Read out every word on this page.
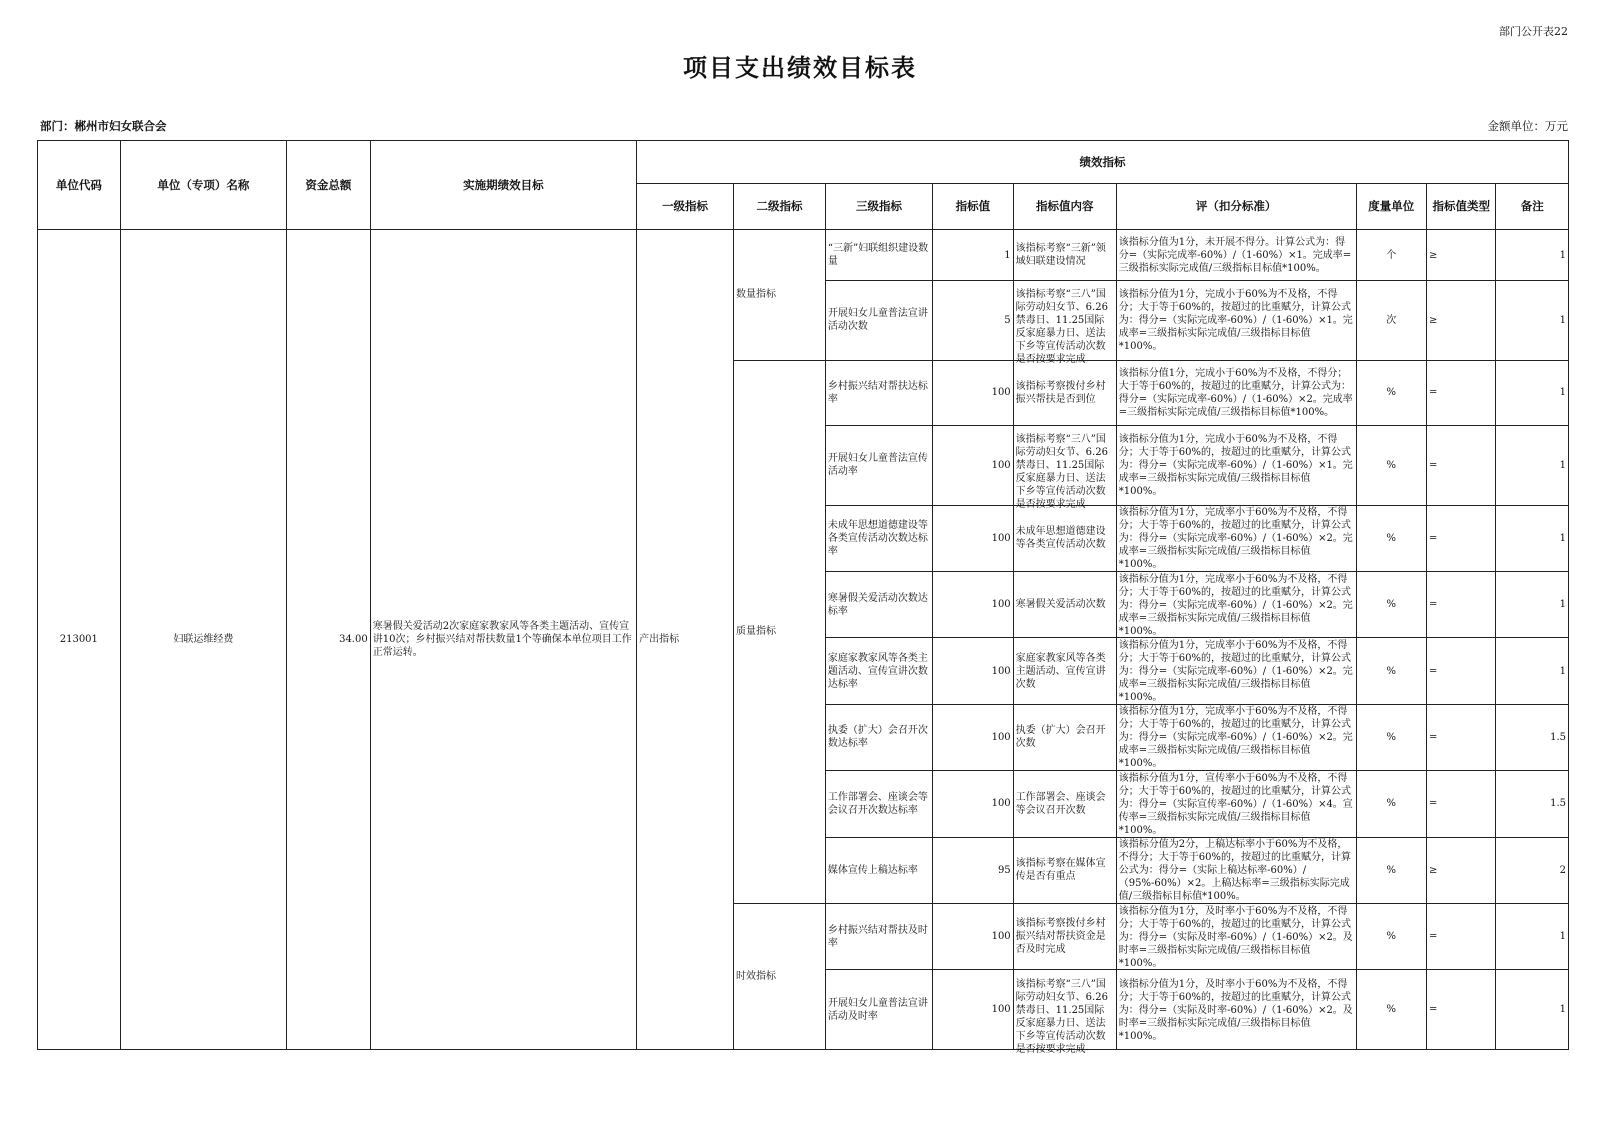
部门公开表22
项目支出绩效目标表
部门：郴州市妇女联合会	金额单位：万元
单位代码	单位（专项）名称	资金总额	实施期绩效目标	绩效指标								
				一级指标	二级指标	三级指标	指标值	指标值内容	评（扣分标准）	度量单位	指标值类型	备注
213001	妇联运维经费	34.00	寒暑假关爱活动2次家庭家教家风等各类主题活动、宣传宣讲10次；乡村振兴结对帮扶数量1个等确保本单位项目工作正常运转。	产出指标	数量指标	“三新”妇联组织建设数量	1	该指标考察“三新”领域妇联建设情况	该指标分值为1分，未开展不得分。计算公式为：得分=（实际完成率-60%）/（1-60%）×1。完成率=三级指标实际完成值/三级指标目标值*100%。	个	≥	1

						开展妇女儿童普法宣讲活动次数	5	该指标考察“三八”国际劳动妇女节、6.26禁毒日、11.25国际反家庭暴力日、送法下乡等宣传活动次数是否按要求完成	该指标分值为1分，完成小于60%为不及格，不得分；大于等于60%的，按超过的比重赋分，计算公式为：得分=（实际完成率-60%）/（1-60%）×1。完成率=三级指标实际完成值/三级指标目标值*100%。	次	≥	1

					质量指标	乡村振兴结对帮扶达标率	100	该指标考察拨付乡村振兴帮扶是否到位	该指标分值1分，完成小于60%为不及格，不得分；大于等于60%的，按超过的比重赋分，计算公式为：得分=（实际完成率-60%）/（1-60%）×2。完成率=三级指标实际完成值/三级指标目标值*100%。	%	=	1

						开展妇女儿童普法宣传活动率	100	该指标考察“三八”国际劳动妇女节、6.26禁毒日、11.25国际反家庭暴力日、送法下乡等宣传活动次数是否按要求完成	该指标分值为1分，完成小于60%为不及格，不得分；大于等于60%的，按超过的比重赋分，计算公式为：得分=（实际完成率-60%）/（1-60%）×1。完成率=三级指标实际完成值/三级指标目标值*100%。	%	=	1

						未成年思想道德建设等各类宣传活动次数达标率	100	未成年思想道德建设等各类宣传活动次数	该指标分值为1分，完成率小于60%为不及格，不得分；大于等于60%的，按超过的比重赋分，计算公式为：得分=（实际完成率-60%）/（1-60%）×2。完成率=三级指标实际完成值/三级指标目标值*100%。	%	=	1

						寒暑假关爱活动次数达标率	100	寒暑假关爱活动次数	该指标分值为1分，完成率小于60%为不及格，不得分；大于等于60%的，按超过的比重赋分，计算公式为：得分=（实际完成率-60%）/（1-60%）×2。完成率=三级指标实际完成值/三级指标目标值*100%。	%	=	1

						家庭家教家风等各类主题活动、宣传宣讲次数达标率	100	家庭家教家风等各类主题活动、宣传宣讲次数	该指标分值为1分，完成率小于60%为不及格，不得分；大于等于60%的，按超过的比重赋分，计算公式为：得分=（实际完成率-60%）/（1-60%）×2。完成率=三级指标实际完成值/三级指标目标值*100%。	%	=	1

						执委（扩大）会召开次数达标率	100	执委（扩大）会召开次数	该指标分值为1分，完成率小于60%为不及格，不得分；大于等于60%的，按超过的比重赋分，计算公式为：得分=（实际完成率-60%）/（1-60%）×2。完成率=三级指标实际完成值/三级指标目标值*100%。	%	=	1.5

						工作部署会、座谈会等会议召开次数达标率	100	工作部署会、座谈会等会议召开次数	该指标分值为1分，宣传率小于60%为不及格，不得分；大于等于60%的，按超过的比重赋分，计算公式为：得分=（实际宣传率-60%）/（1-60%）×4。宣传率=三级指标实际完成值/三级指标目标值*100%。	%	=	1.5

						媒体宣传上稿达标率	95	该指标考察在媒体宣传是否有重点	该指标分值为2分，上稿达标率小于60%为不及格，不得分；大于等于60%的，按超过的比重赋分，计算公式为：得分=（实际上稿达标率-60%）/（95%-60%）×2。上稿达标率=三级指标实际完成值/三级指标目标值*100%。	%	≥	2

					时效指标	乡村振兴结对帮扶及时率	100	该指标考察拨付乡村振兴结对帮扶资金是否及时完成	该指标分值为1分，及时率小于60%为不及格，不得分；大于等于60%的，按超过的比重赋分，计算公式为：得分=（实际及时率-60%）/（1-60%）×2。及时率=三级指标实际完成值/三级指标目标值*100%。	%	=	1

						开展妇女儿童普法宣讲活动及时率	100	该指标考察“三八”国际劳动妇女节、6.26禁毒日、11.25国际反家庭暴力日、送法下乡等宣传活动次数是否按要求完成	该指标分值为1分，及时率小于60%为不及格，不得分；大于等于60%的，按超过的比重赋分，计算公式为：得分=（实际及时率-60%）/（1-60%）×2。及时率=三级指标实际完成值/三级指标目标值*100%。	%	=	1
